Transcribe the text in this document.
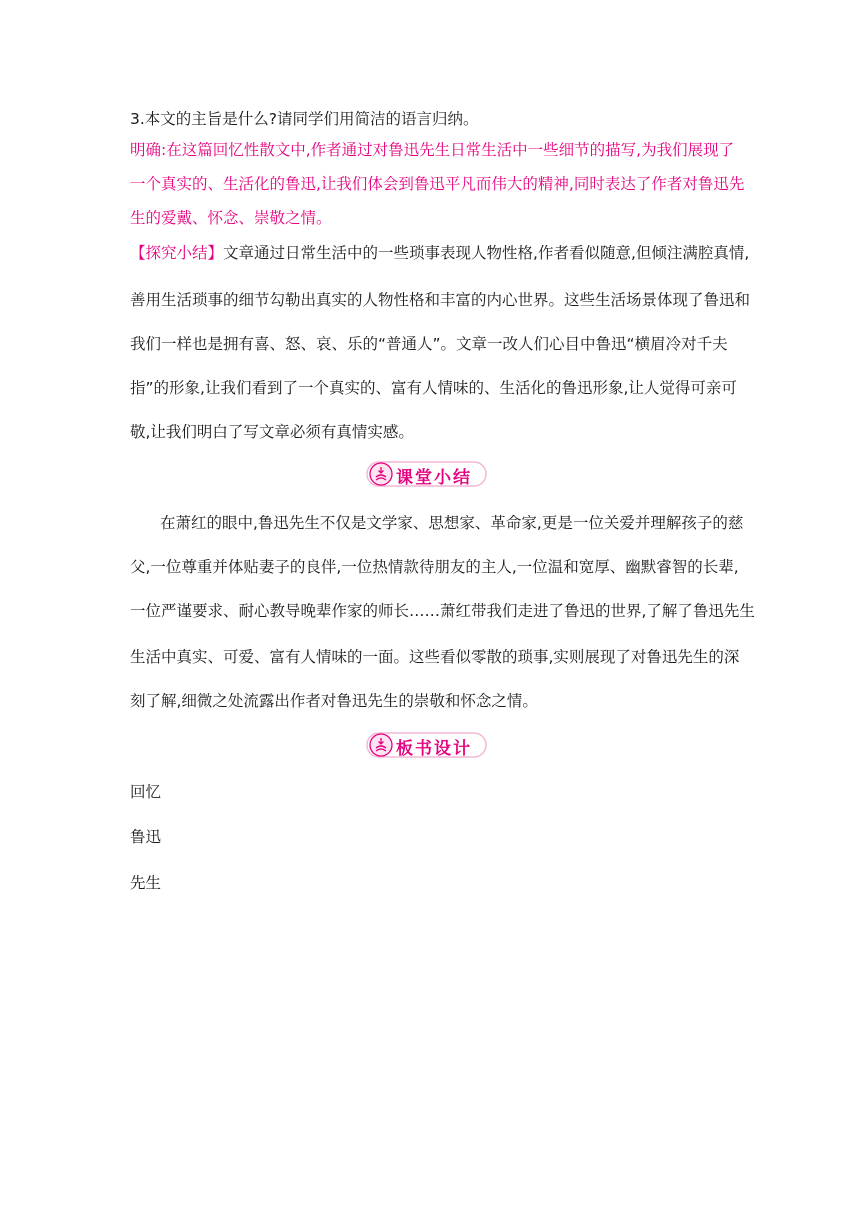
3.本文的主旨是什么?请同学们用简洁的语言归纳。
明确:在这篇回忆性散文中,作者通过对鲁迅先生日常生活中一些细节的描写,为我们展现了
一个真实的、生活化的鲁迅,让我们体会到鲁迅平凡而伟大的精神,同时表达了作者对鲁迅先
生的爱戴、怀念、崇敬之情。
【探究小结】文章通过日常生活中的一些琐事表现人物性格,作者看似随意,但倾注满腔真情,
善用生活琐事的细节勾勒出真实的人物性格和丰富的内心世界。这些生活场景体现了鲁迅和
我们一样也是拥有喜、怒、哀、乐的“普通人”。文章一改人们心目中鲁迅“横眉冷对千夫
指”的形象,让我们看到了一个真实的、富有人情味的、生活化的鲁迅形象,让人觉得可亲可
敬,让我们明白了写文章必须有真情实感。
课堂小结
在萧红的眼中,鲁迅先生不仅是文学家、思想家、革命家,更是一位关爱并理解孩子的慈
父,一位尊重并体贴妻子的良伴,一位热情款待朋友的主人,一位温和宽厚、幽默睿智的长辈,
一位严谨要求、耐心教导晚辈作家的师长……萧红带我们走进了鲁迅的世界,了解了鲁迅先生
生活中真实、可爱、富有人情味的一面。这些看似零散的琐事,实则展现了对鲁迅先生的深
刻了解,细微之处流露出作者对鲁迅先生的崇敬和怀念之情。
板书设计
回忆
鲁迅
先生
